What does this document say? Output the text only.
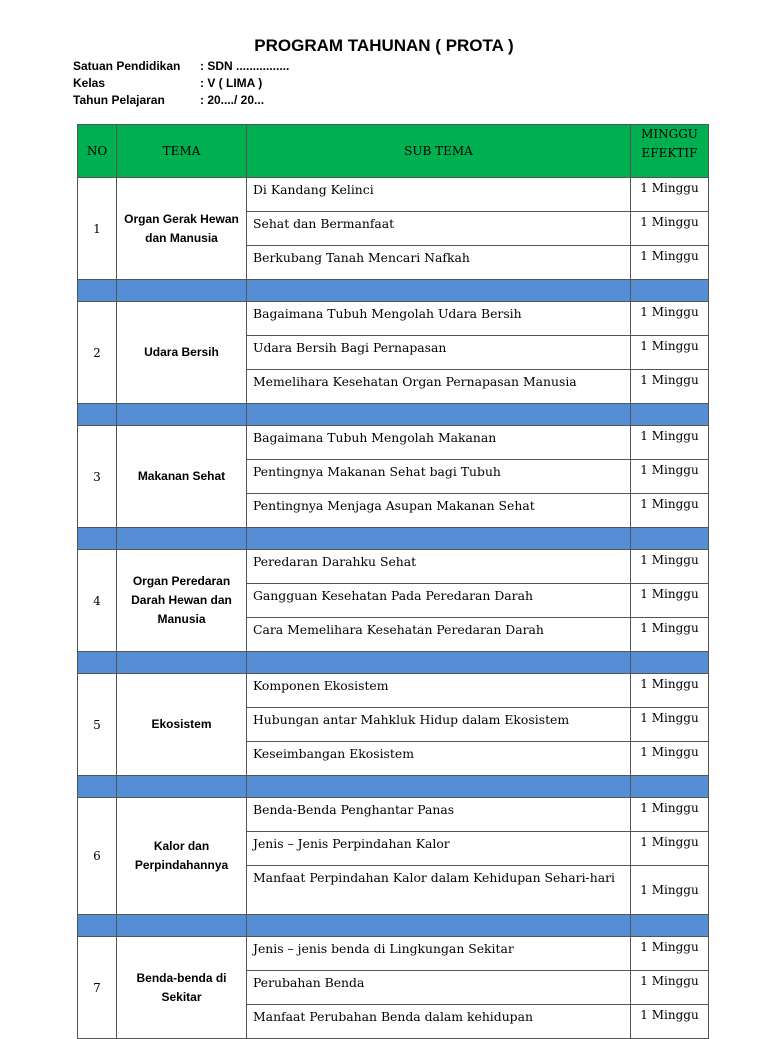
PROGRAM TAHUNAN ( PROTA )
Satuan Pendidikan	: SDN ................
Kelas	: V ( LIMA )
Tahun Pelajaran	: 20..../ 20...
NO	TEMA	SUB TEMA	MINGGU
EFEKTIF
1	Organ Gerak Hewan dan Manusia	Di Kandang Kelinci	1 Minggu
		Sehat dan Bermanfaat	1 Minggu
		Berkubang Tanah Mencari Nafkah	1 Minggu

2	Udara Bersih	Bagaimana Tubuh Mengolah Udara Bersih	1 Minggu
		Udara Bersih Bagi Pernapasan	1 Minggu
		Memelihara Kesehatan Organ Pernapasan Manusia	1 Minggu

3	Makanan Sehat	Bagaimana Tubuh Mengolah Makanan	1 Minggu
		Pentingnya Makanan Sehat bagi Tubuh	1 Minggu
		Pentingnya Menjaga Asupan Makanan Sehat	1 Minggu

4	Organ Peredaran Darah Hewan dan Manusia	Peredaran Darahku Sehat	1 Minggu
		Gangguan Kesehatan Pada Peredaran Darah	1 Minggu
		Cara Memelihara Kesehatan Peredaran Darah	1 Minggu

5	Ekosistem	Komponen Ekosistem	1 Minggu
		Hubungan antar Mahkluk Hidup dalam Ekosistem	1 Minggu
		Keseimbangan Ekosistem	1 Minggu

6	Kalor dan Perpindahannya	Benda-Benda Penghantar Panas	1 Minggu
		Jenis – Jenis Perpindahan Kalor	1 Minggu
		Manfaat Perpindahan Kalor dalam Kehidupan Sehari-hari	1 Minggu

7	Benda-benda di Sekitar	Jenis – jenis benda di Lingkungan Sekitar	1 Minggu
		Perubahan Benda	1 Minggu
		Manfaat Perubahan Benda dalam kehidupan	1 Minggu
